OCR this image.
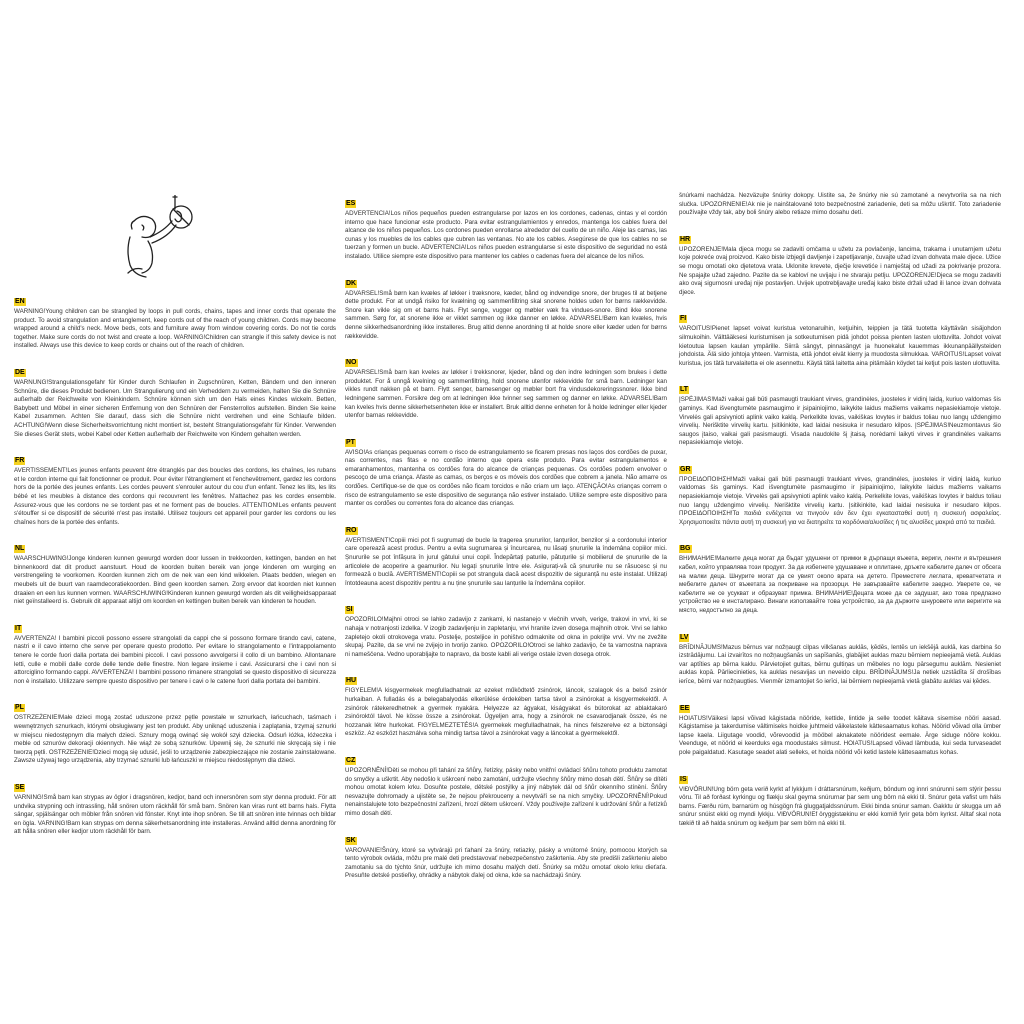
EN

WARNING!Young children can be strangled by loops in pull cords, chains, tapes and inner cords that operate the product. To avoid strangulation and entanglement, keep cords out of the reach of young children. Cords may become wrapped around a child's neck. Move beds, cots and furniture away from window covering cords. Do not tie cords together. Make sure cords do not twist and create a loop. WARNING!Children can strangle if this safety device is not installed. Always use this device to keep cords or chains out of the reach of children.

DE

WARNUNG!Strangulationsgefahr für Kinder durch Schlaufen in Zugschnüren, Ketten, Bändern und den inneren Schnüre, die dieses Produkt bedienen. Um Strangulierung und ein Verheddern zu vermeiden, halten Sie die Schnüre außerhalb der Reichweite von Kleinkindern. Schnüre können sich um den Hals eines Kindes wickeln. Betten, Babybett und Möbel in einer sicheren Entfernung von den Schnüren der Fensterrollos aufstellen. Binden Sie keine Kabel zusammen. Achten Sie darauf, dass sich die Schnüre nicht verdrehen und eine Schlaufe bilden. ACHTUNG!Wenn diese Sicherheitsvorrichtung nicht montiert ist, besteht Strangulationsgefahr für Kinder. Verwenden Sie dieses Gerät stets, wobei Kabel oder Ketten außerhalb der Reichweite von Kindern gehalten werden.

FR

AVERTISSEMENT!Les jeunes enfants peuvent être étranglés par des boucles des cordons, les chaînes, les rubans et le cordon interne qui fait fonctionner ce produit. Pour éviter l'étranglement et l'enchevêtrement, gardez les cordons hors de la portée des jeunes enfants. Les cordes peuvent s'enrouler autour du cou d'un enfant. Tenez les lits, les lits bébé et les meubles à distance des cordons qui recouvrent les fenêtres. N'attachez pas les cordes ensemble. Assurez-vous que les cordons ne se tordent pas et ne forment pas de boucles. ATTENTION!Les enfants peuvent s'étouffer si ce dispositif de sécurité n'est pas installé. Utilisez toujours cet appareil pour garder les cordons ou les chaînes hors de la portée des enfants.

NL

WAARSCHUWING!Jonge kinderen kunnen gewurgd worden door lussen in trekkoorden, kettingen, banden en het binnenkoord dat dit product aanstuurt. Houd de koorden buiten bereik van jonge kinderen om wurging en verstrengeling te voorkomen. Koorden kunnen zich om de nek van een kind wikkelen. Plaats bedden, wiegen en meubels uit de buurt van raamdecoratiekoorden. Bind geen koorden samen. Zorg ervoor dat koorden niet kunnen draaien en een lus kunnen vormen. WAARSCHUWING!Kinderen kunnen gewurgd worden als dit veiligheidsapparaat niet geïnstalleerd is. Gebruik dit apparaat altijd om koorden en kettingen buiten bereik van kinderen te houden.

IT

AVVERTENZA! I bambini piccoli possono essere strangolati da cappi che si possono formare tirando cavi, catene, nastri e il cavo interno che serve per operare questo prodotto. Per evitare lo strangolamento e l'intrappolamento tenere le corde fuori dalla portata dei bambini piccoli. I cavi possono avvolgersi il collo di un bambino. Allontanare letti, culle e mobili dalle corde delle tende delle finestre. Non legare insieme i cavi. Assicurarsi che i cavi non si attorciglino formando cappi. AVVERTENZA! I bambini possono rimanere strangolati se questo dispositivo di sicurezza non è installato. Utilizzare sempre questo dispositivo per tenere i cavi o le catene fuori dalla portata dei bambini.

PL

OSTRZEŻENIE!Małe dzieci mogą zostać uduszone przez pętle powstałe w sznurkach, łańcuchach, taśmach i wewnętrznych sznurkach, którymi obsługiwany jest ten produkt. Aby uniknąć uduszenia i zaplątania, trzymaj sznurki w miejscu niedostępnym dla małych dzieci. Sznury mogą owinąć się wokół szyi dziecka. Odsuń łóżka, łóżeczka i meble od sznurów dekoracji okiennych. Nie wiąż ze sobą sznurków. Upewnij się, że sznurki nie skręcają się i nie tworzą pętli. OSTRZEŻENIE!Dzieci mogą się udusić, jeśli to urządzenie zabezpieczające nie zostanie zainstalowane. Zawsze używaj tego urządzenia, aby trzymać sznurki lub łańcuszki w miejscu niedostępnym dla dzieci.

SE

VARNING!Små barn kan strypas av öglor i dragsnören, kedjor, band och innersnören som styr denna produkt. För att undvika strypning och intrassling, håll snören utom räckhåll för små barn. Snören kan viras runt ett barns hals. Flytta sängar, spjälsängar och möbler från snören vid fönster. Knyt inte ihop snören. Se till att snören inte tvinnas och bildar en ögla. VARNING!Barn kan strypas om denna säkerhetsanordning inte installeras. Använd alltid denna anordning för att hålla snören eller kedjor utom räckhåll för barn.

ES

ADVERTENCIA!Los niños pequeños pueden estrangularse por lazos en los cordones, cadenas, cintas y el cordón interno que hace funcionar este producto. Para evitar estrangulamientos y enredos, mantenga los cables fuera del alcance de los niños pequeños. Los cordones pueden enrollarse alrededor del cuello de un niño. Aleje las camas, las cunas y los muebles de los cables que cubren las ventanas. No ate los cables. Asegúrese de que los cables no se tuerzan y formen un bucle. ADVERTENCIA!Los niños pueden estrangularse si este dispositivo de seguridad no está instalado. Utilice siempre este dispositivo para mantener los cables o cadenas fuera del alcance de los niños.

DK

ADVARSEL!Små børn kan kvæles af løkker i træksnore, kæder, bånd og indvendige snore, der bruges til at betjene dette produkt. For at undgå risiko for kvælning og sammenfiltring skal snorene holdes uden for børns rækkevidde. Snore kan vikle sig om et barns hals. Flyt senge, vugger og møbler væk fra vindues-snore. Bind ikke snorene sammen. Sørg for, at snorene ikke er viklet sammen og ikke danner en løkke. ADVARSEL!Børn kan kvæles, hvis denne sikkerhedsanordning ikke installeres. Brug altid denne anordning til at holde snore eller kæder uden for børns rækkevidde.

NO

ADVARSEL!Små barn kan kveles av løkker i trekksnorer, kjeder, bånd og den indre ledningen som brukes i dette produktet. For å unngå kvelning og sammenfiltring, hold snorene utenfor rekkevidde for små barn. Ledninger kan vikles rundt nakken på et barn. Flytt senger, barnesenger og møbler bort fra vindusdekoreringssnorer. Ikke bind ledningene sammen. Forsikre deg om at ledningen ikke tvinner seg sammen og danner en løkke. ADVARSEL!Barn kan kveles hvis denne sikkerhetsenheten ikke er installert. Bruk alltid denne enheten for å holde ledninger eller kjeder utenfor barnas rekkevidde.

PT

AVISO!As crianças pequenas correm o risco de estrangulamento se ficarem presas nos laços dos cordões de puxar, nas correntes, nas fitas e no cordão interno que opera este produto. Para evitar estrangulamentos e emaranhamentos, mantenha os cordões fora do alcance de crianças pequenas. Os cordões podem envolver o pescoço de uma criança. Afaste as camas, os berços e os móveis dos cordões que cobrem a janela. Não amarre os cordões. Certifique-se de que os cordões não ficam torcidos e não criam um laço. ATENÇÃO!As crianças correm o risco de estrangulamento se este dispositivo de segurança não estiver instalado. Utilize sempre este dispositivo para manter os cordões ou correntes fora do alcance das crianças.

RO

AVERTISMENT!Copiii mici pot fi sugrumați de bucle la tragerea șnururilor, lanțurilor, benzilor și a cordonului interior care operează acest produs. Pentru a evita sugrumarea și încurcarea, nu lăsați șnururile la îndemâna copiilor mici. Șnururile se pot înfășura în jurul gâtului unui copil. Îndepărtați paturile, pătuțurile și mobilierul de șnururile de la articolele de acoperire a geamurilor. Nu legați șnururile între ele. Asigurați-vă că șnururile nu se răsucesc și nu formează o buclă. AVERTISMENT!Copiii se pot strangula dacă acest dispozitiv de siguranță nu este instalat. Utilizați întotdeauna acest dispozitiv pentru a nu ține șnururile sau lanțurile la îndemâna copiilor.

SI

OPOZORILO!Majhni otroci se lahko zadavijo z zankami, ki nastanejo v vlečnih vrveh, verige, trakovi in vrvi, ki se nahaja v notranjosti izdelka. V izogib zadavljenju in zapletanju, vrvi hranite izven dosega majhnih otrok. Vrvi se lahko zapletejo okoli otrokovega vratu. Postelje, posteljice in pohištvo odmaknite od okna in pokrijte vrvi. Vrv ne zvežite skupaj. Pazite, da se vrvi ne zvijejo in tvorijo zanko. OPOZORILO!Otroci se lahko zadavijo, če ta varnostna naprava ni nameščena. Vedno uporabljajte to napravo, da boste kabli ali verige ostale izven dosega otrok.

HU

FIGYELEM!A kisgyermekek megfulladhatnak az ezeket működtető zsinórok, láncok, szalagok és a belső zsinór hurkaiban. A fulladás és a belegabalyodás elkerülése érdekében tartsa távol a zsinórokat a kisgyermekektől. A zsinórok rátekeredhetnek a gyermek nyakára. Helyezze az ágyakat, kiságyakat és bútorokat az ablaktakaró zsinóroktól távol. Ne kösse össze a zsinórokat. Ügyeljen arra, hogy a zsinórok ne csavarodjanak össze, és ne hozzanak létre hurkokat. FIGYELMEZTETÉS!A gyermekek megfulladhatnak, ha nincs felszerelve ez a biztonsági eszköz. Az eszközt használva soha mindig tartsa távol a zsinórokat vagy a láncokat a gyermekektől.

CZ

UPOZORNĚNÍ!Děti se mohou při tahání za šňůry, řetízky, pásky nebo vnitřní ovládací šňůru tohoto produktu zamotat do smyčky a uškrtit. Aby nedošlo k uškrcení nebo zamotání, udržujte všechny šňůry mimo dosah dětí. Šňůry se dítěti mohou omotat kolem krku. Dosuňte postele, dětské postýlky a jiný nábytek dál od šňůr okenního stínění. Šňůry nesvazujte dohromady a ujistěte se, že nejsou překrouceny a nevytváří se na nich smyčky. UPOZORNĚNÍ!Pokud nenainstalujete toto bezpečnostní zařízení, hrozí dětem uškrcení. Vždy používejte zařízení k udržování šňůr a řetízků mimo dosah dětí.

SK

VAROVANIE!Šnúry, ktoré sa vytvárajú pri ťahaní za šnúry, retiazky, pásky a vnútorné šnúry, pomocou ktorých sa tento výrobok ovláda, môžu pre malé deti predstavovať nebezpečenstvo zaškrtenia. Aby ste predišli zaškrteniu alebo zamotaniu sa do týchto šnúr, udržujte ich mimo dosahu malých detí. Šnúrky sa môžu omotať okolo krku dieťaťa. Presuňte detské postieľky, ohrádky a nábytok ďalej od okna, kde sa nachádzajú šnúry.

šnúrkami nachádza. Nezväzujte šnúrky dokopy. Uistite sa, že šnúrky nie sú zamotané a nevytvorila sa na nich slučka. UPOZORNENIE!Ak nie je nainštalované toto bezpečnostné zariadenie, deti sa môžu uškrtiť. Toto zariadenie používajte vždy tak, aby boli šnúry alebo retiaze mimo dosahu detí.

HR

UPOZORENJE!Mala djeca mogu se zadaviti omčama u užetu za povlačenje, lancima, trakama i unutarnjem užetu koje pokreće ovaj proizvod. Kako biste izbjegli davljenje i zapetljavanje, čuvajte užad izvan dohvata male djece. Užice se mogu omotati oko djetetova vrata. Uklonite krevete, dječje krevetiće i namještaj od užadi za pokrivanje prozora. Ne spajajte užad zajedno. Pazite da se kabloví ne uvijaju i ne stvaraju petlju. UPOZORENJE!Djeca se mogu zadaviti ako ovaj sigurnosni uređaj nije postavljen. Uvijek upotrebljavajte uređaj kako biste držali užad ili lance izvan dohvata djece.

FI

VAROITUS!Pienet lapset voivat kuristua vetonaruihin, ketjuihin, teippien ja tätä tuotetta käyttävän sisäjohdon silmukoihin. Välttääksesi kuristumisen ja sotkeutumisen pidä johdot poissa pienten lasten ulottuvilta. Johdot voivat kietoutua lapsen kaulan ympärille. Siirrä sängyt, pinnasängyt ja huonekalut kauemmas ikkunanpäällysteiden johdoista. Älä sido johtoja yhteen. Varmista, että johdot eivät kierry ja muodosta silmukkaa. VAROITUS!Lapset voivat kuristua, jos tätä turvalaitetta ei ole asennettu. Käytä tätä laitetta aina pitämään köydet tai ketjut pois lasten ulottuvilta.

LT

ĮSPĖJIMAS!Maži vaikai gali būti pasmaugti traukiant virves, grandinėles, juosteles ir vidinį laidą, kuriuo valdomas šis gaminys. Kad išvengtumėte pasmaugimo ir įsipainiojimo, laikykite laidus mažiems vaikams nepasiekiamoje vietoje. Virvelės gali apsivynioti aplink vaiko kaklą. Perkelkite lovas, vaikiškas lovytes ir baldus toliau nuo langų uždengimo virvelių. Nerišktite virvelių kartu. Įsitikinkite, kad laidai nesisuka ir nesudaro kilpos. ĮSPĖJIMAS!Neuzmontavus šio saugos įtaiso, vaikai gali pasismaugti. Visada naudokite šį įtaisą, norėdami laikyti virves ir grandinėles vaikams nepasiekiamoje vietoje.

GR

ΠΡΟΕΙΔΟΠΟΙΗΣΗ!Maži vaikai gali būti pasmaugti traukiant virves, grandinėles, juosteles ir vidinį laidą, kuriuo valdomas šis gaminys. Kad išvengtumėte pasmaugimo ir įsipainiojimo, laikykite laidus mažiems vaikams nepasiekiamoje vietoje. Virvelės gali apsivynioti aplink vaiko kaklą. Perkelkite lovas, vaikiškas lovytes ir baldus toliau nuo langų uždengimo virvelių. Nerišktite virvelių kartu. Įsitikinkite, kad laidai nesisuka ir nesudaro kilpos. ΠΡΟΕΙΔΟΠΟΙΗΣΗ!Τα παιδιά ενδέχεται να πνιγούν εάν δεν έχει εγκατασταθεί αυτή η συσκευή ασφαλείας. Χρησιμοποιείτε πάντα αυτή τη συσκευή για να διατηρείτε τα κορδόνια/αλυσίδες ή τις αλυσίδες μακριά από τα παιδιά.

BG

ВНИМАНИЕ!Малките деца могат да бъдат удушени от примки в дърпащи въжета, вериги, ленти и вътрешния кабел, който управлява този продукт. За да избегнете удушаване и оплитане, дръжте кабелите далеч от обсега на малки деца. Шнурите могат да се увият около врата на детето. Преместете леглата, креватчетата и мебелите далеч от въжетата за покриване на прозорци. Не завързвайте кабелите заедно. Уверете се, че кабелите не се усукват и образуват примка. ВНИМАНИЕ!Децата може да се задушат, ако това предпазно устройство не е инсталирано. Винаги използвайте това устройство, за да държите шнуровете или веригите на място, недостъпно за деца.

LV

BRĪDINĀJUMS!Mazus bērnus var nožņaugt cilpas vilkšanas auklās, ķēdēs, lentēs un iekšējā auklā, kas darbina šo izstrādājumu. Lai izvairītos no nožņaugšanās un sapīšanās, glabājiet auklas mazu bērniem nepieejamā vietā. Auklas var aptīties ap bērna kaklu. Pārvietojiet gultas, bērnu gultiņas un mēbeles no logu pārsegumu auklām. Nesieniet auklas kopā. Pārliecinieties, ka auklas nesavijas un neveido cilpu. BRĪDINĀJUMS!Ja netiek uzstādīta šī drošības ierīce, bērni var nožņaugties. Vienmēr izmantojiet šo ierīci, lai bērniem nepieejamā vietā glabātu auklas vai ķēdes.

EE

HOIATUS!Väikesi lapsi võivad kägistada nööride, kettide, lintide ja selle toodet käitava sisemise nööri aasad. Kägistamise ja takerdumise vältimiseks hoidke juhtmeid väikelastele kättesaamatus kohas. Nöörid võivad olla ümber lapse kaela. Liigutage voodid, võrevoodid ja mööbel aknakatete nööridest eemale. Ärge siduge nööre kokku. Veenduge, et nöörid ei keerduks ega moodustaks silmust. HOIATUS!Lapsed võivad lämbuda, kui seda turvaseadet pole paigaldatud. Kasutage seadet alati selleks, et hoida nöörid või ketid lastele kättesaamatus kohas.

IS

VIÐVÖRUN!Ung börn geta verið kyrkt af lykkjum í dráttarsnúrum, keðjum, böndum og innri snúrunni sem stýrir þessu vöru. Til að forðast kyrkingu og flækju skal geyma snúrurnar þar sem ung börn ná ekki til. Snúrur geta vafist um háls barns. Færðu rúm, barnarúm og húsgögn frá gluggatjaldssnúrum. Ekki binda snúrur saman. Gakktu úr skugga um að snúrur snúist ekki og myndi lykkju. VIÐVÖRUN!Ef öryggistækinu er ekki komið fyrir geta börn kyrkst. Alltaf skal nota tækið til að halda snúrum og keðjum þar sem börn ná ekki til.
